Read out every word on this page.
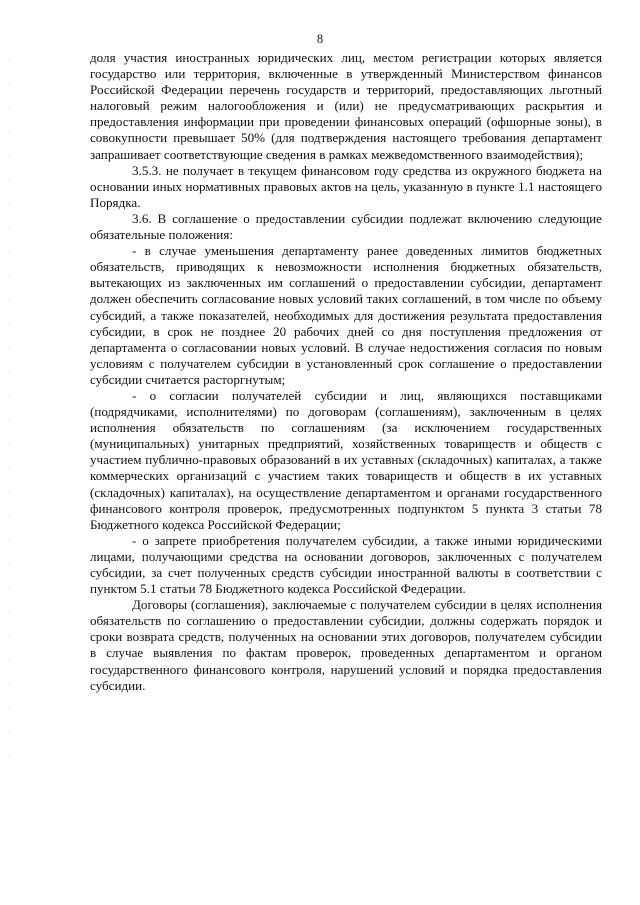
8

доля участия иностранных юридических лиц, местом регистрации которых является государство или территория, включенные в утвержденный Министерством финансов Российской Федерации перечень государств и территорий, предоставляющих льготный налоговый режим налогообложения и (или) не предусматривающих раскрытия и предоставления информации при проведении финансовых операций (офшорные зоны), в совокупности превышает 50% (для подтверждения настоящего требования департамент запрашивает соответствующие сведения в рамках межведомственного взаимодействия);

3.5.3. не получает в текущем финансовом году средства из окружного бюджета на основании иных нормативных правовых актов на цель, указанную в пункте 1.1 настоящего Порядка.

3.6. В соглашение о предоставлении субсидии подлежат включению следующие обязательные положения:

- в случае уменьшения департаменту ранее доведенных лимитов бюджетных обязательств, приводящих к невозможности исполнения бюджетных обязательств, вытекающих из заключенных им соглашений о предоставлении субсидии, департамент должен обеспечить согласование новых условий таких соглашений, в том числе по объему субсидий, а также показателей, необходимых для достижения результата предоставления субсидии, в срок не позднее 20 рабочих дней со дня поступления предложения от департамента о согласовании новых условий. В случае недостижения согласия по новым условиям с получателем субсидии в установленный срок соглашение о предоставлении субсидии считается расторгнутым;

- о согласии получателей субсидии и лиц, являющихся поставщиками (подрядчиками, исполнителями) по договорам (соглашениям), заключенным в целях исполнения обязательств по соглашениям (за исключением государственных (муниципальных) унитарных предприятий, хозяйственных товариществ и обществ с участием публично-правовых образований в их уставных (складочных) капиталах, а также коммерческих организаций с участием таких товариществ и обществ в их уставных (складочных) капиталах), на осуществление департаментом и органами государственного финансового контроля проверок, предусмотренных подпунктом 5 пункта 3 статьи 78 Бюджетного кодекса Российской Федерации;

- о запрете приобретения получателем субсидии, а также иными юридическими лицами, получающими средства на основании договоров, заключенных с получателем субсидии, за счет полученных средств субсидии иностранной валюты в соответствии с пунктом 5.1 статьи 78 Бюджетного кодекса Российской Федерации.

Договоры (соглашения), заключаемые с получателем субсидии в целях исполнения обязательств по соглашению о предоставлении субсидии, должны содержать порядок и сроки возврата средств, полученных на основании этих договоров, получателем субсидии в случае выявления по фактам проверок, проведенных департаментом и органом государственного финансового контроля, нарушений условий и порядка предоставления субсидии.
